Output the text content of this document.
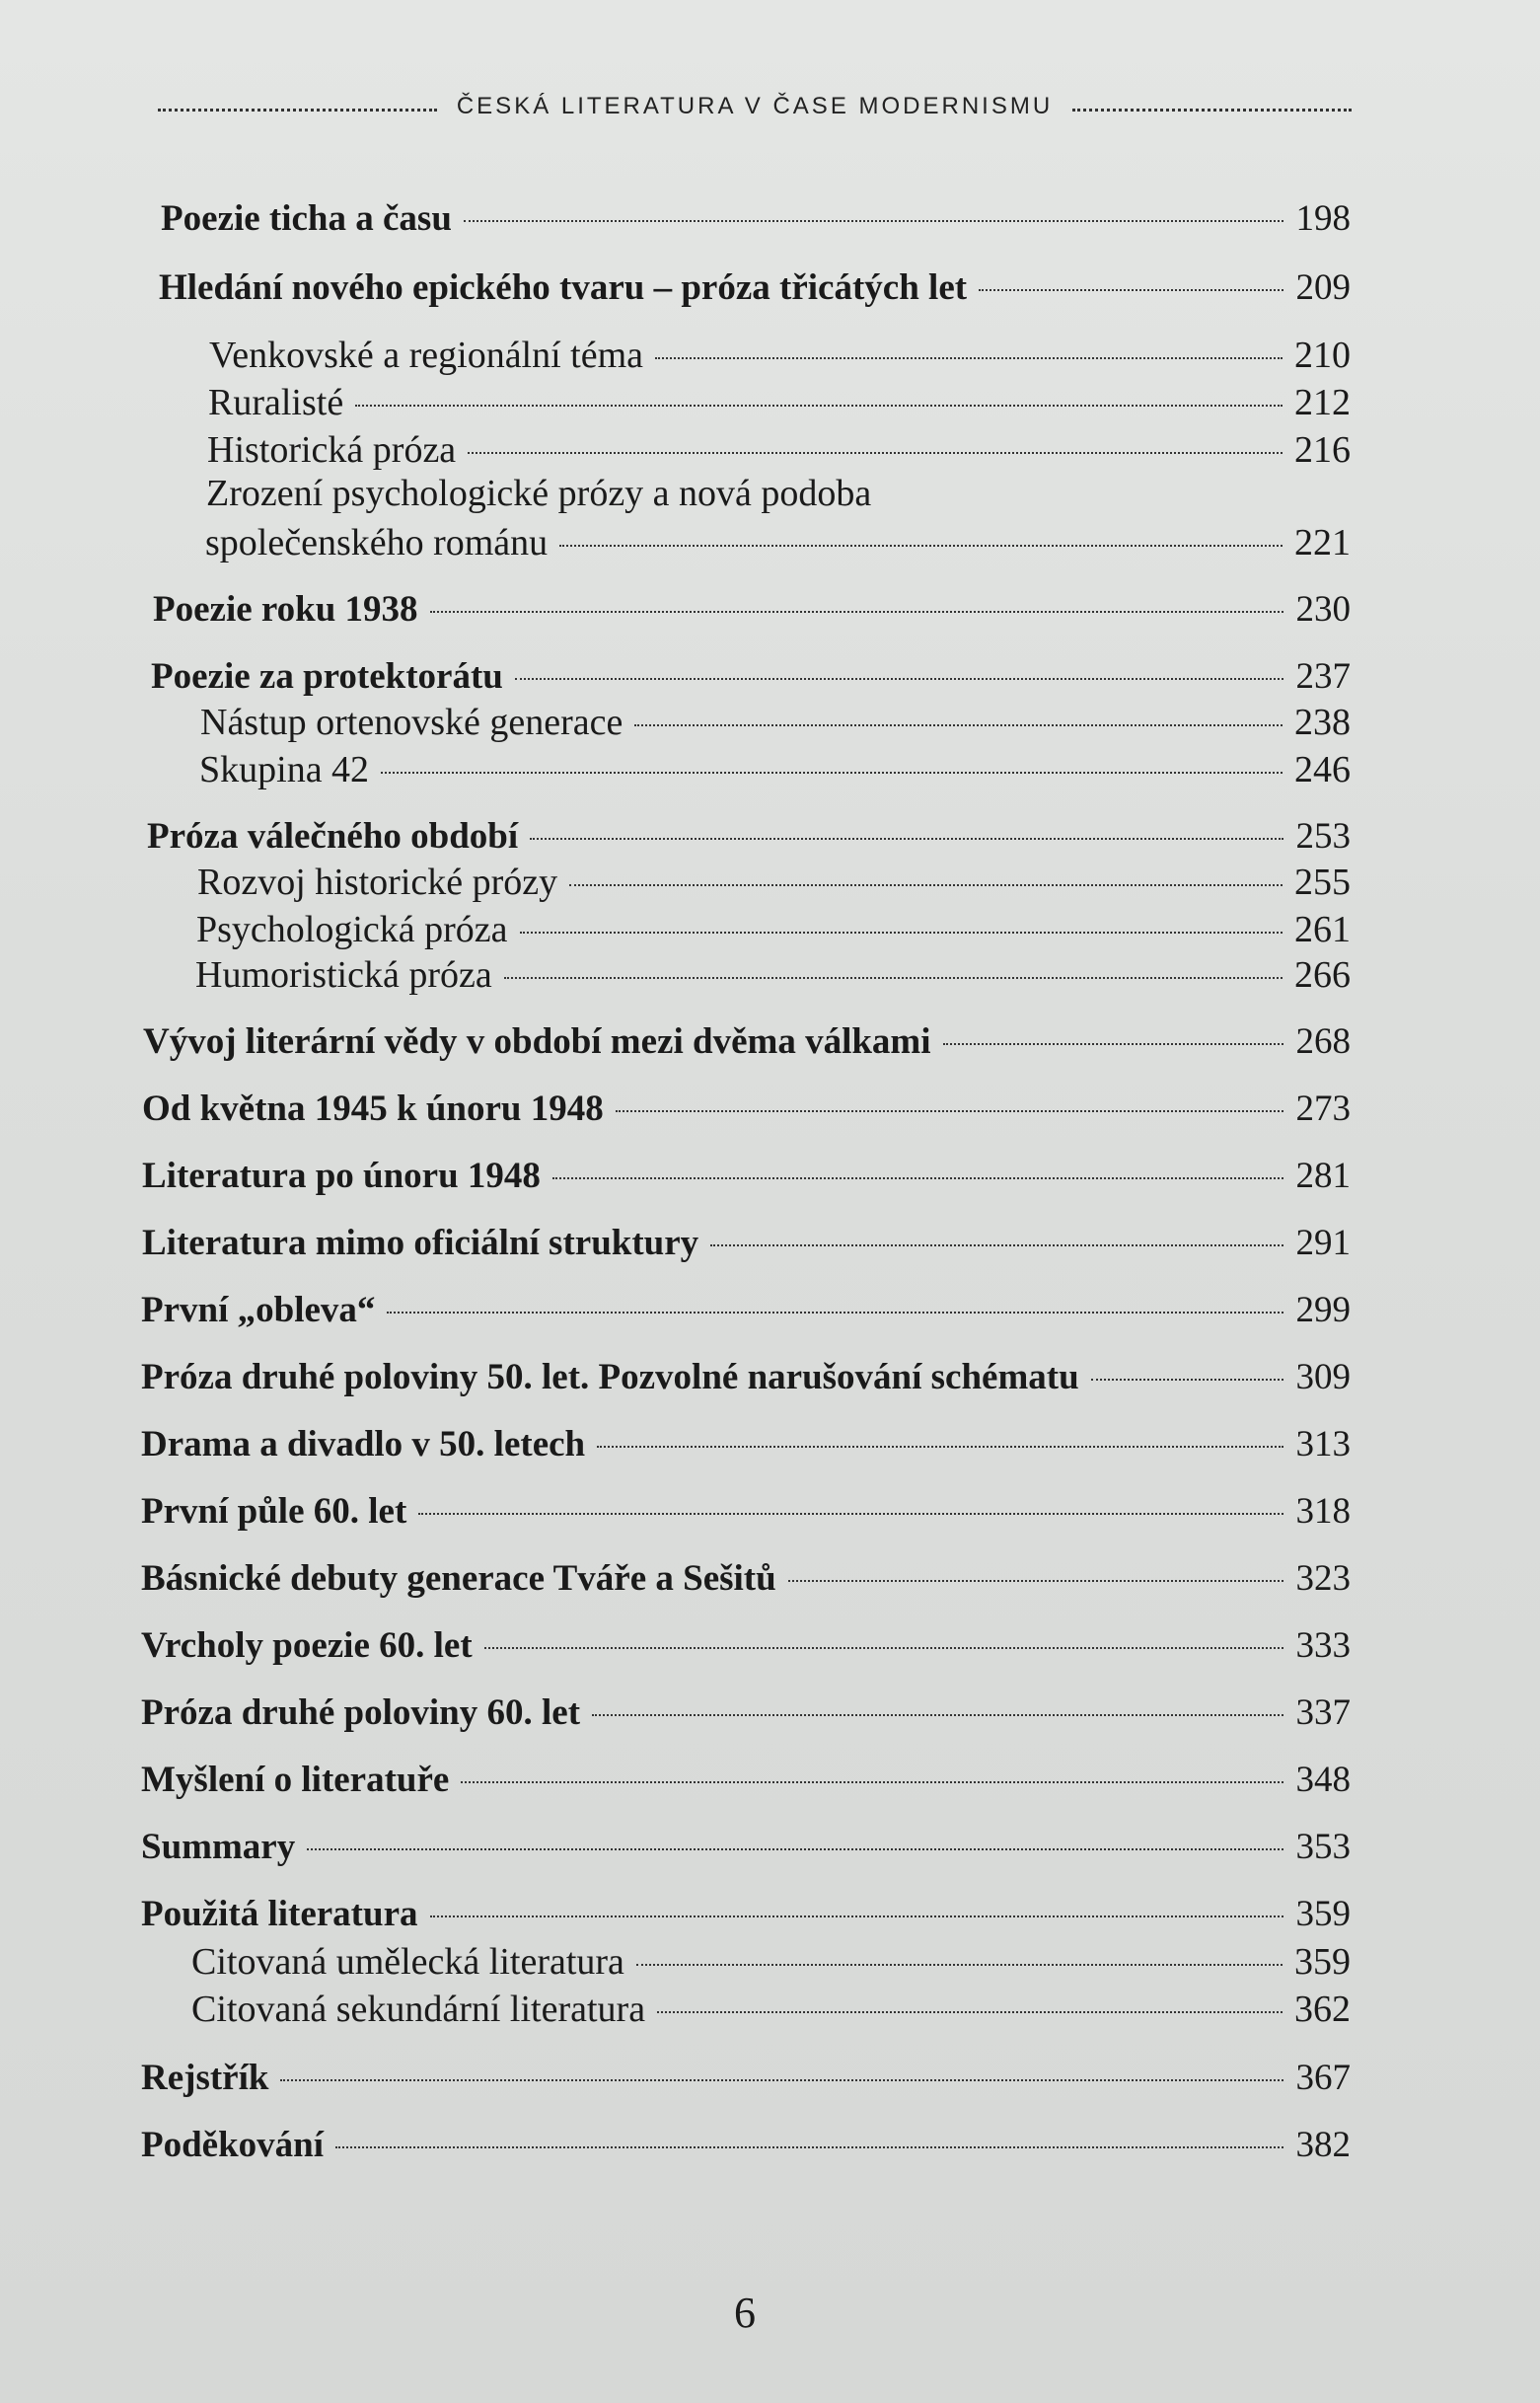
ČESKÁ LITERATURA V ČASE MODERNISMU
Poezie ticha a času	198
Hledání nového epického tvaru – próza třicátých let	209
Venkovské a regionální téma	210
Ruralisté	212
Historická próza	216
Zrození psychologické prózy a nová podoba
společenského románu	221
Poezie roku 1938	230
Poezie za protektorátu	237
Nástup ortenovské generace	238
Skupina 42	246
Próza válečného období	253
Rozvoj historické prózy	255
Psychologická próza	261
Humoristická próza	266
Vývoj literární vědy v období mezi dvěma válkami	268
Od května 1945 k únoru 1948	273
Literatura po únoru 1948	281
Literatura mimo oficiální struktury	291
První „obleva“	299
Próza druhé poloviny 50. let. Pozvolné narušování schématu	309
Drama a divadlo v 50. letech	313
První půle 60. let	318
Básnické debuty generace Tváře a Sešitů	323
Vrcholy poezie 60. let	333
Próza druhé poloviny 60. let	337
Myšlení o literatuře	348
Summary	353
Použitá literatura	359
Citovaná umělecká literatura	359
Citovaná sekundární literatura	362
Rejstřík	367
Poděkování	382
6
